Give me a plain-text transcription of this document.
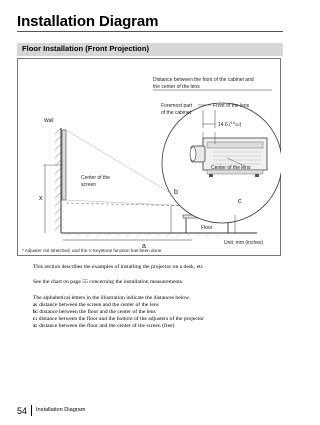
Installation Diagram
Floor Installation (Front Projection)
Distance between the front of the cabinet and
the center of the lens
Foremost part
of the cabinet
Front of the lens
14.6 ($^{19}_{/32}$)
Center of the lens
Wall
Center of the
screen
x
b
c
a
Floor
Unit: mm (inches)
* Adjuster not stretched, and the V Keystone function has been done.
This section describes the examples of installing the projector on a desk, etc.
See the chart on page 55 concerning the installation measurements.
The alphabetical letters in the illustration indicate the distances below.
a: distance between the screen and the center of the lens
b: distance between the floor and the center of the lens
c: distance between the floor and the bottom of the adjusters of the projector
x: distance between the floor and the center of the screen (free)
54 Installation Diagram
